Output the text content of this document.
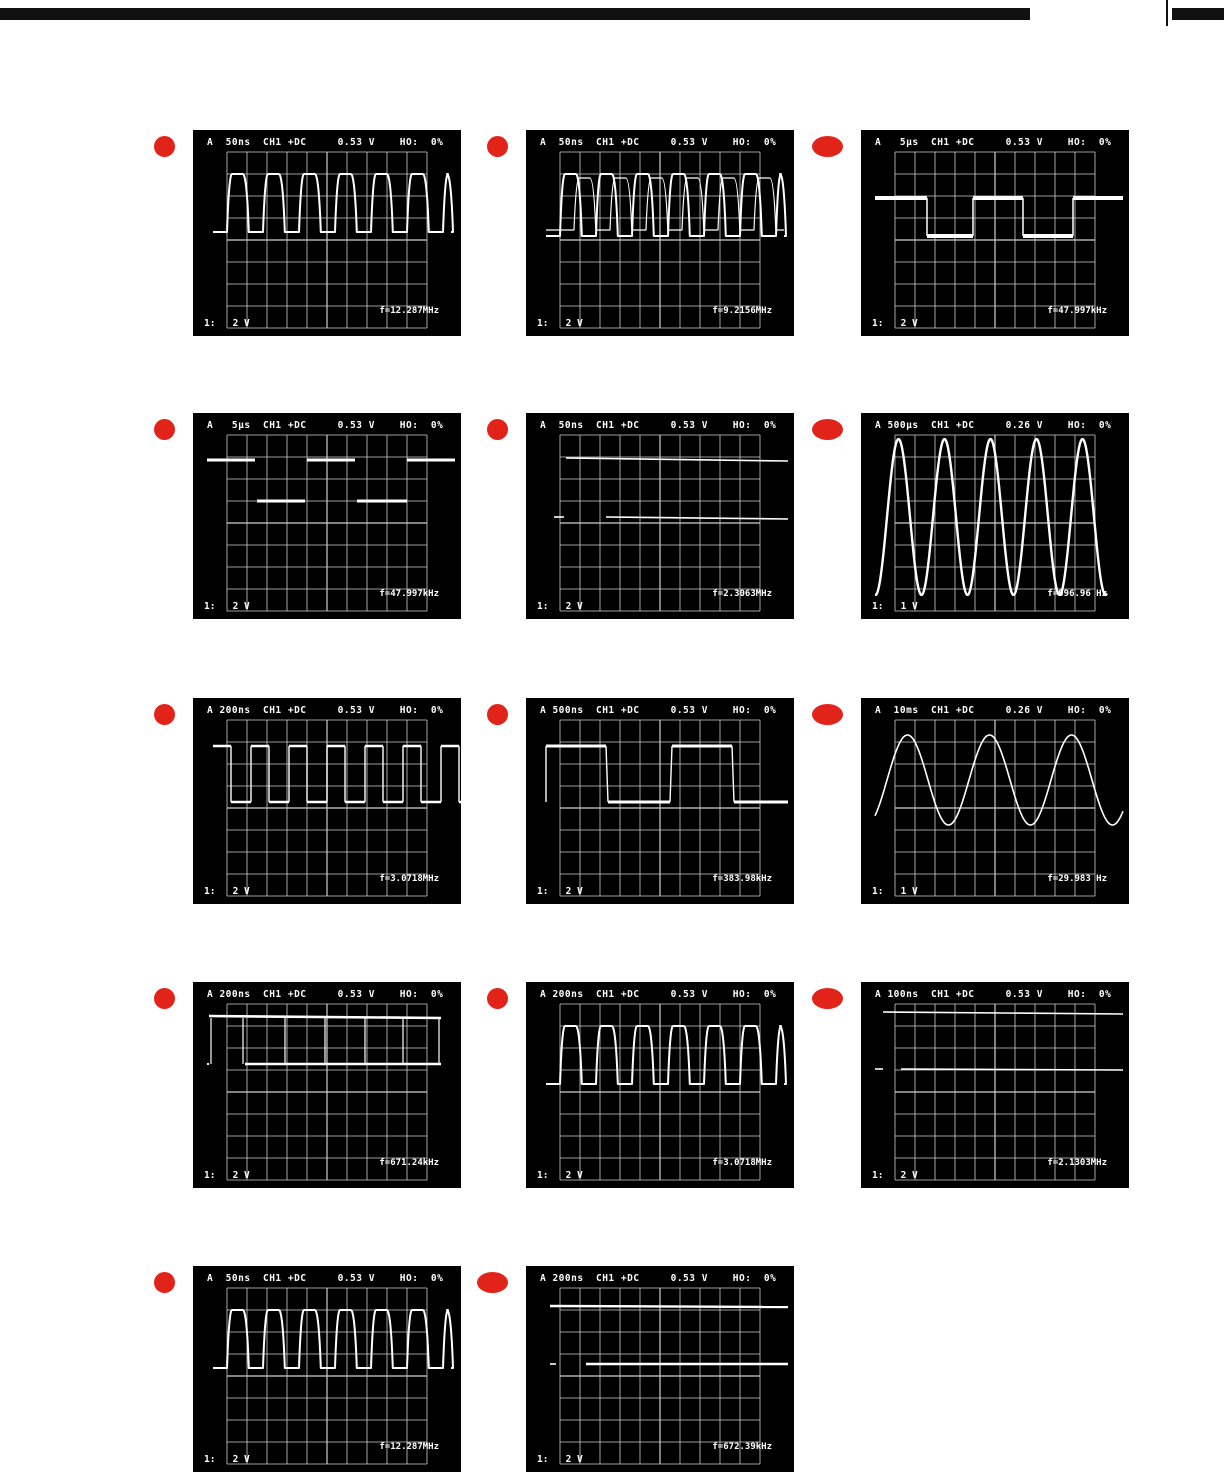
A  50ns  CH1 +DC     0.53 V    HO:  0%
1:   2 V
f=12.287MHz
A  50ns  CH1 +DC     0.53 V    HO:  0%
1:   2 V
f=9.2156MHz
A   5μs  CH1 +DC     0.53 V    HO:  0%
1:   2 V
f=47.997kHz
A   5μs  CH1 +DC     0.53 V    HO:  0%
1:   2 V
f=47.997kHz
A  50ns  CH1 +DC     0.53 V    HO:  0%
1:   2 V
f=2.3063MHz
A 500μs  CH1 +DC     0.26 V    HO:  0%
1:   1 V
f=996.96 Hz
A 200ns  CH1 +DC     0.53 V    HO:  0%
1:   2 V
f=3.0718MHz
A 500ns  CH1 +DC     0.53 V    HO:  0%
1:   2 V
f=383.98kHz
A  10ms  CH1 +DC     0.26 V    HO:  0%
1:   1 V
f=29.983 Hz
A 200ns  CH1 +DC     0.53 V    HO:  0%
1:   2 V
f=671.24kHz
A 200ns  CH1 +DC     0.53 V    HO:  0%
1:   2 V
f=3.0718MHz
A 100ns  CH1 +DC     0.53 V    HO:  0%
1:   2 V
f=2.1303MHz
A  50ns  CH1 +DC     0.53 V    HO:  0%
1:   2 V
f=12.287MHz
A 200ns  CH1 +DC     0.53 V    HO:  0%
1:   2 V
f=672.39kHz
